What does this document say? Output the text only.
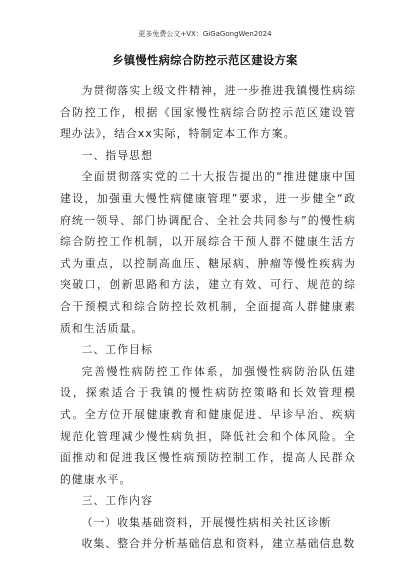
更多免费公文+VX：GiGaGongWen2024
乡镇慢性病综合防控示范区建设方案

为贯彻落实上级文件精神，进一步推进我镇慢性病综合防控工作，根据《国家慢性病综合防控示范区建设管理办法》，结合xx实际，特制定本工作方案。

一、指导思想

全面贯彻落实党的二十大报告提出的“推进健康中国建设，加强重大慢性病健康管理”要求，进一步健全“政府统一领导、部门协调配合、全社会共同参与”的慢性病综合防控工作机制，以开展综合干预人群不健康生活方式为重点，以控制高血压、糖尿病、肿瘤等慢性疾病为突破口，创新思路和方法，建立有效、可行、规范的综合干预模式和综合防控长效机制，全面提高人群健康素质和生活质量。

二、工作目标

完善慢性病防控工作体系，加强慢性病防治队伍建设，探索适合于我镇的慢性病防控策略和长效管理模式。全方位开展健康教育和健康促进、早诊早治、疾病规范化管理减少慢性病负担，降低社会和个体风险。全面推动和促进我区慢性病预防控制工作，提高人民群众的健康水平。

三、工作内容

（一）收集基础资料，开展慢性病相关社区诊断

收集、整合并分析基础信息和资料，建立基础信息数
